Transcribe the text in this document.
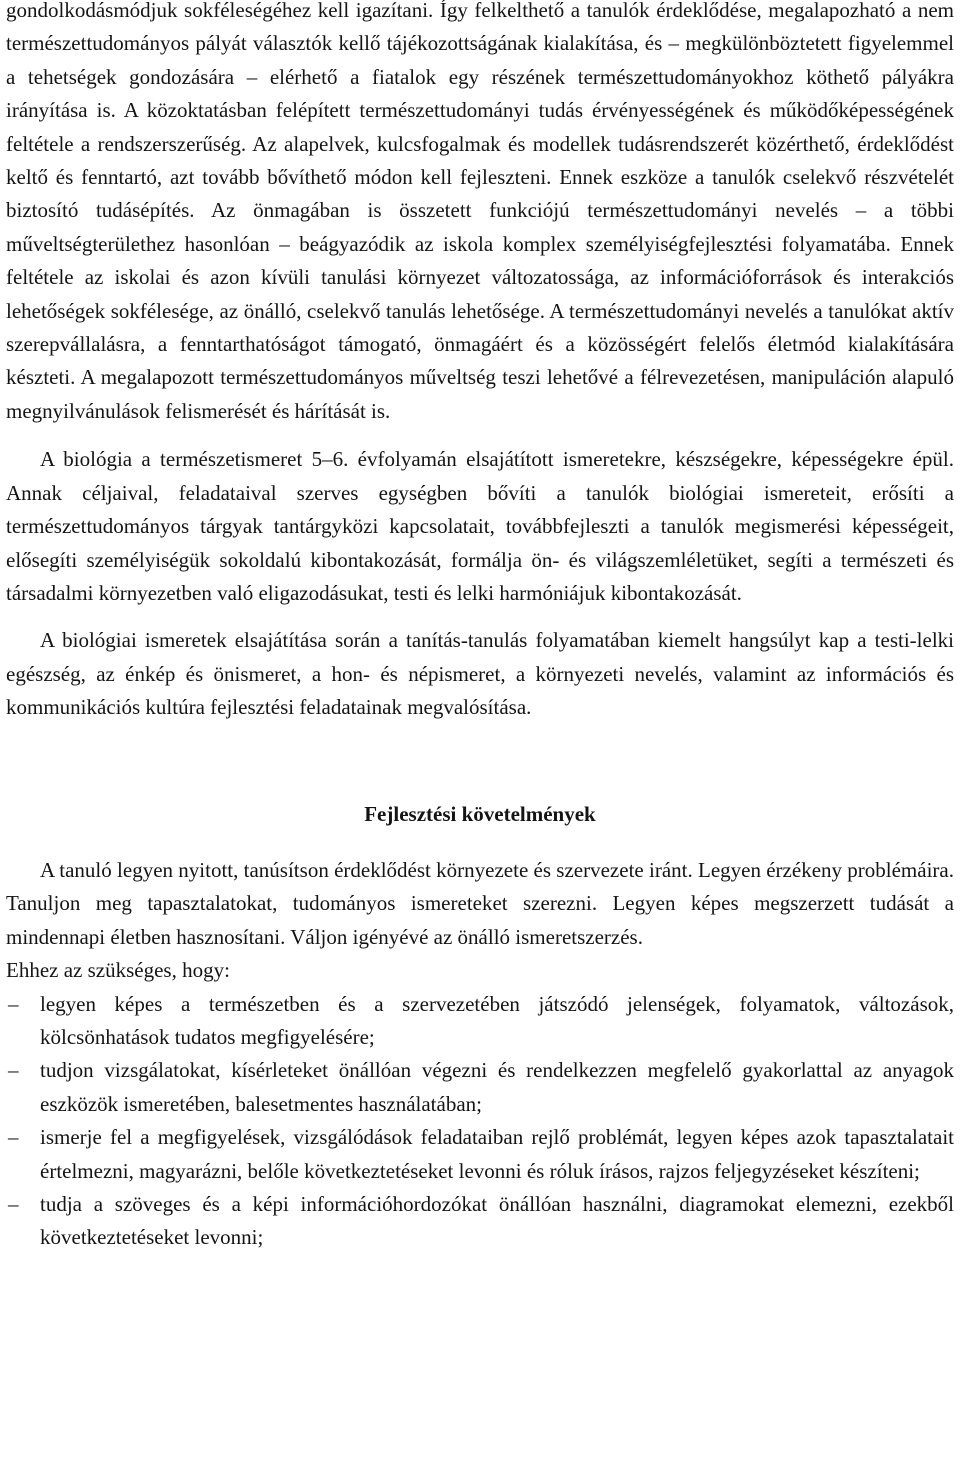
gondolkodásmódjuk sokféleségéhez kell igazítani. Így felkelthető a tanulók érdeklődése, megalapozható a nem természettudományos pályát választók kellő tájékozottságának kialakítása, és – megkülönböztetett figyelemmel a tehetségek gondozására – elérhető a fiatalok egy részének természettudományokhoz köthető pályákra irányítása is. A közoktatásban felépített természettudományi tudás érvényességének és működőképességének feltétele a rendszerszerűség. Az alapelvek, kulcsfogalmak és modellek tudásrendszerét közérthető, érdeklődést keltő és fenntartó, azt tovább bővíthető módon kell fejleszteni. Ennek eszköze a tanulók cselekvő részvételét biztosító tudásépítés. Az önmagában is összetett funkciójú természettudományi nevelés – a többi műveltségterülethez hasonlóan – beágyazódik az iskola komplex személyiségfejlesztési folyamatába. Ennek feltétele az iskolai és azon kívüli tanulási környezet változatossága, az információforrások és interakciós lehetőségek sokfélesége, az önálló, cselekvő tanulás lehetősége. A természettudományi nevelés a tanulókat aktív szerepvállalásra, a fenntarthatóságot támogató, önmagáért és a közösségért felelős életmód kialakítására készteti. A megalapozott természettudományos műveltség teszi lehetővé a félrevezetésen, manipuláción alapuló megnyilvánulások felismerését és hárítását is.

A biológia a természetismeret 5–6. évfolyamán elsajátított ismeretekre, készségekre, képességekre épül. Annak céljaival, feladataival szerves egységben bővíti a tanulók biológiai ismereteit, erősíti a természettudományos tárgyak tantárgyközi kapcsolatait, továbbfejleszti a tanulók megismerési képességeit, elősegíti személyiségük sokoldalú kibontakozását, formálja ön- és világszemléletüket, segíti a természeti és társadalmi környezetben való eligazodásukat, testi és lelki harmóniájuk kibontakozását.

A biológiai ismeretek elsajátítása során a tanítás-tanulás folyamatában kiemelt hangsúlyt kap a testi-lelki egészség, az énkép és önismeret, a hon- és népismeret, a környezeti nevelés, valamint az információs és kommunikációs kultúra fejlesztési feladatainak megvalósítása.

Fejlesztési követelmények

A tanuló legyen nyitott, tanúsítson érdeklődést környezete és szervezete iránt. Legyen érzékeny problémáira. Tanuljon meg tapasztalatokat, tudományos ismereteket szerezni. Legyen képes megszerzett tudását a mindennapi életben hasznosítani. Váljon igényévé az önálló ismeretszerzés.

Ehhez az szükséges, hogy:

–	legyen képes a természetben és a szervezetében játszódó jelenségek, folyamatok, változások, kölcsönhatások tudatos megfigyelésére;
–	tudjon vizsgálatokat, kísérleteket önállóan végezni és rendelkezzen megfelelő gyakorlattal az anyagok eszközök ismeretében, balesetmentes használatában;
–	ismerje fel a megfigyelések, vizsgálódások feladataiban rejlő problémát, legyen képes azok tapasztalatait értelmezni, magyarázni, belőle következtetéseket levonni és róluk írásos, rajzos feljegyzéseket készíteni;
–	tudja a szöveges és a képi információhordozókat önállóan használni, diagramokat elemezni, ezekből következtetéseket levonni;
